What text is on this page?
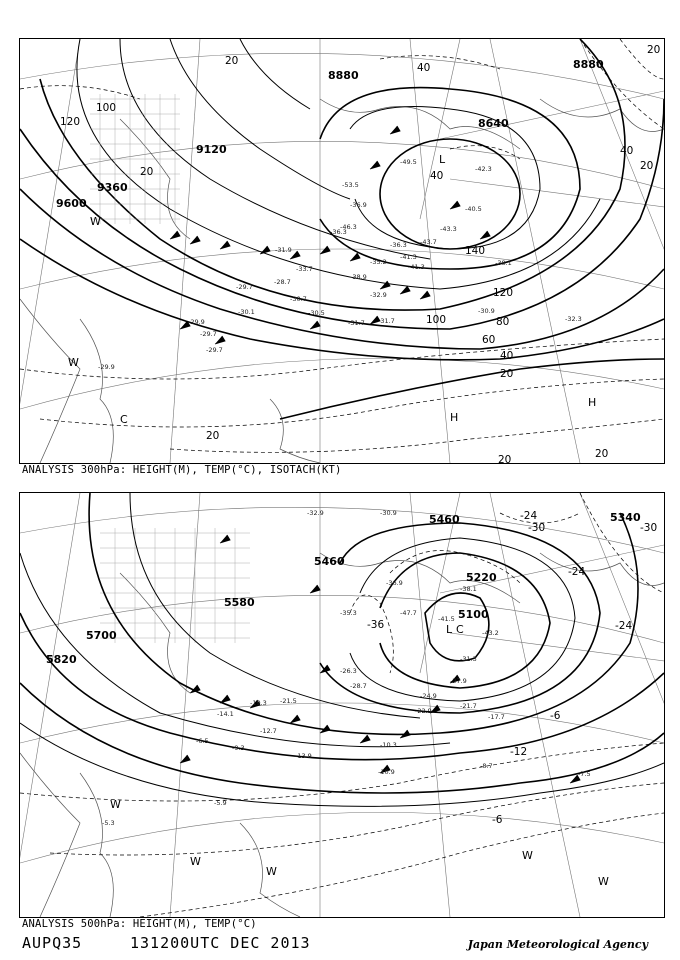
8880
8880
8640
9120
9360
9600
120
100
20
40
60
80
100
120
140
20
40
20	20
20
40
20
40
20
20
-35.2
-32.9
-31.7
-30.9
-30.5
-32.3
-36.3
-38.1
-40.5
-42.3
-43.7
-43.3
-41.3
-46.3
-53.5
-49.5
-31.9
-33.7
-29.7
-28.7
-29.9
-30.7
-31.7
-30.1
-29.7
-29.7
-29.9
-41.3
-36.9
-36.3
-38.9
L
H
H
W
W
C
ANALYSIS 300hPa: HEIGHT(M), TEMP(°C), ISOTACH(KT)
5460
5220
5340
5100
5460
5580
5700
5820
-30	-30
-24
-24
-36
-6
-12
-6
-24
-30.9
-32.9
-26.3
-28.7
-38.1
-41.5
-43.2
-47.7
-36.9
-35.3
-31.3
-27.9
-24.9
-22.9
-21.7
-17.7
-19.3
-14.1
-13.9
-10.9
-8.7
-7.5
-9.3
-5.3
-5.9
-10.3
-6.5
-12.7
-21.5
L C
W
W
W
W
W
ANALYSIS 500hPa: HEIGHT(M), TEMP(°C)
AUPQ35	131200UTC DEC 2013	Japan Meteorological Agency
